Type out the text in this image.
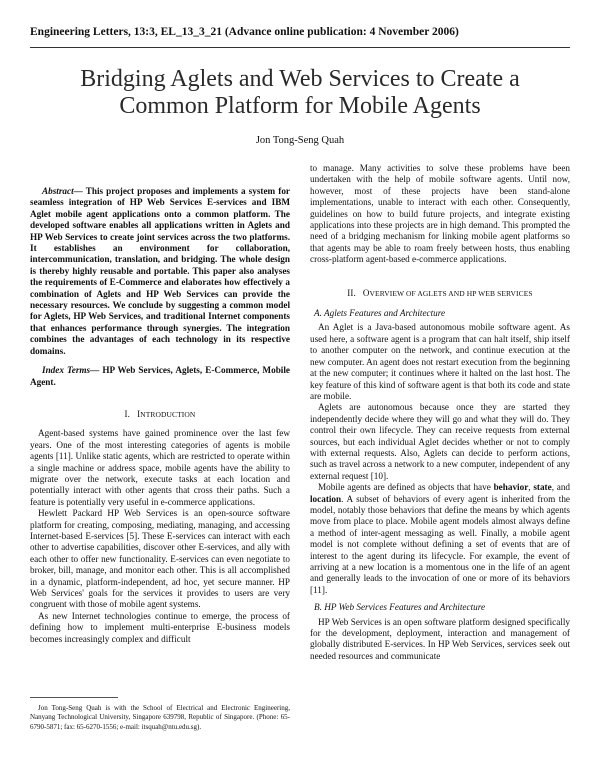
Engineering Letters, 13:3, EL_13_3_21 (Advance online publication: 4 November 2006)
Bridging Aglets and Web Services to Create a
Common Platform for Mobile Agents
Jon Tong-Seng Quah

Abstract— This project proposes and implements a system for seamless integration of HP Web Services E-services and IBM Aglet mobile agent applications onto a common platform. The developed software enables all applications written in Aglets and HP Web Services to create joint services across the two platforms. It establishes an environment for collaboration, intercommunication, translation, and bridging. The whole design is thereby highly reusable and portable. This paper also analyses the requirements of E-Commerce and elaborates how effectively a combination of Aglets and HP Web Services can provide the necessary resources. We conclude by suggesting a common model for Aglets, HP Web Services, and traditional Internet components that enhances performance through synergies. The integration combines the advantages of each technology in its respective domains.

Index Terms— HP Web Services, Aglets, E-Commerce, Mobile Agent.

I. INTRODUCTION

Agent-based systems have gained prominence over the last few years. One of the most interesting categories of agents is mobile agents [11]. Unlike static agents, which are restricted to operate within a single machine or address space, mobile agents have the ability to migrate over the network, execute tasks at each location and potentially interact with other agents that cross their paths. Such a feature is potentially very useful in e-commerce applications.

Hewlett Packard HP Web Services is an open-source software platform for creating, composing, mediating, managing, and accessing Internet-based E-services [5]. These E-services can interact with each other to advertise capabilities, discover other E-services, and ally with each other to offer new functionality. E-services can even negotiate to broker, bill, manage, and monitor each other. This is all accomplished in a dynamic, platform-independent, ad hoc, yet secure manner. HP Web Services' goals for the services it provides to users are very congruent with those of mobile agent systems.

As new Internet technologies continue to emerge, the process of defining how to implement multi-enterprise E-business models becomes increasingly complex and difficult

Jon Tong-Seng Quah is with the School of Electrical and Electronic Engineering, Nanyang Technological University, Singapore 639798, Republic of Singapore. (Phone: 65-6790-5871; fax: 65-6270-1556; e-mail: itsquah@ntu.edu.sg).

to manage. Many activities to solve these problems have been undertaken with the help of mobile software agents. Until now, however, most of these projects have been stand-alone implementations, unable to interact with each other. Consequently, guidelines on how to build future projects, and integrate existing applications into these projects are in high demand. This prompted the need of a bridging mechanism for linking mobile agent platforms so that agents may be able to roam freely between hosts, thus enabling cross-platform agent-based e-commerce applications.

II. OVERVIEW OF AGLETS AND HP WEB SERVICES
A. Aglets Features and Architecture

An Aglet is a Java-based autonomous mobile software agent. As used here, a software agent is a program that can halt itself, ship itself to another computer on the network, and continue execution at the new computer. An agent does not restart execution from the beginning at the new computer; it continues where it halted on the last host. The key feature of this kind of software agent is that both its code and state are mobile.

Aglets are autonomous because once they are started they independently decide where they will go and what they will do. They control their own lifecycle. They can receive requests from external sources, but each individual Aglet decides whether or not to comply with external requests. Also, Aglets can decide to perform actions, such as travel across a network to a new computer, independent of any external request [10].

Mobile agents are defined as objects that have behavior, state, and location. A subset of behaviors of every agent is inherited from the model, notably those behaviors that define the means by which agents move from place to place. Mobile agent models almost always define a method of inter-agent messaging as well. Finally, a mobile agent model is not complete without defining a set of events that are of interest to the agent during its lifecycle. For example, the event of arriving at a new location is a momentous one in the life of an agent and generally leads to the invocation of one or more of its behaviors [11].

B. HP Web Services Features and Architecture

HP Web Services is an open software platform designed specifically for the development, deployment, interaction and management of globally distributed E-services. In HP Web Services, services seek out needed resources and communicate
